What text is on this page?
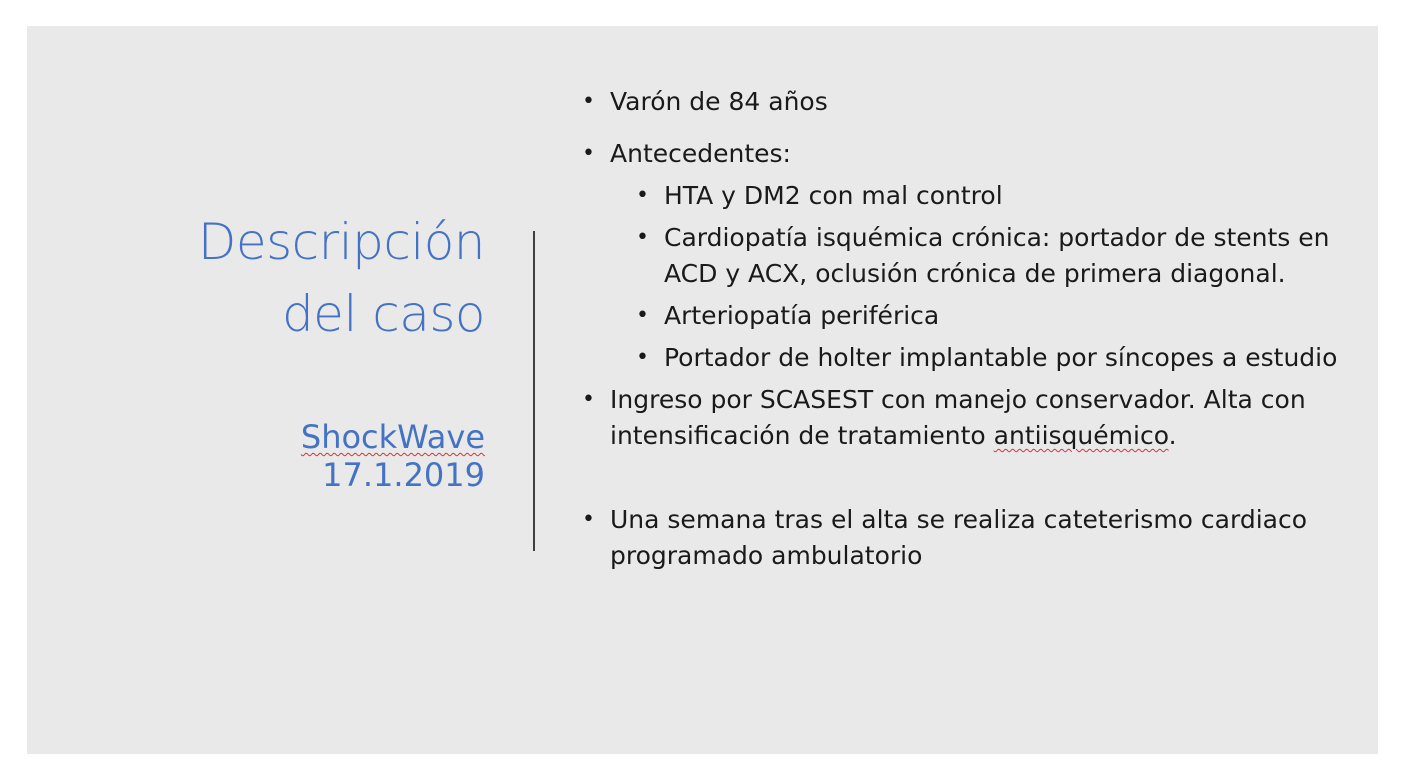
Descripción
del caso
ShockWave
17.1.2019
• Varón de 84 años
• Antecedentes:
• HTA y DM2 con mal control
• Cardiopatía isquémica crónica: portador de stents en ACD y ACX, oclusión crónica de primera diagonal.
• Arteriopatía periférica
• Portador de holter implantable por síncopes a estudio
• Ingreso por SCASEST con manejo conservador. Alta con intensificación de tratamiento antiisquémico.
• Una semana tras el alta se realiza cateterismo cardiaco programado ambulatorio
